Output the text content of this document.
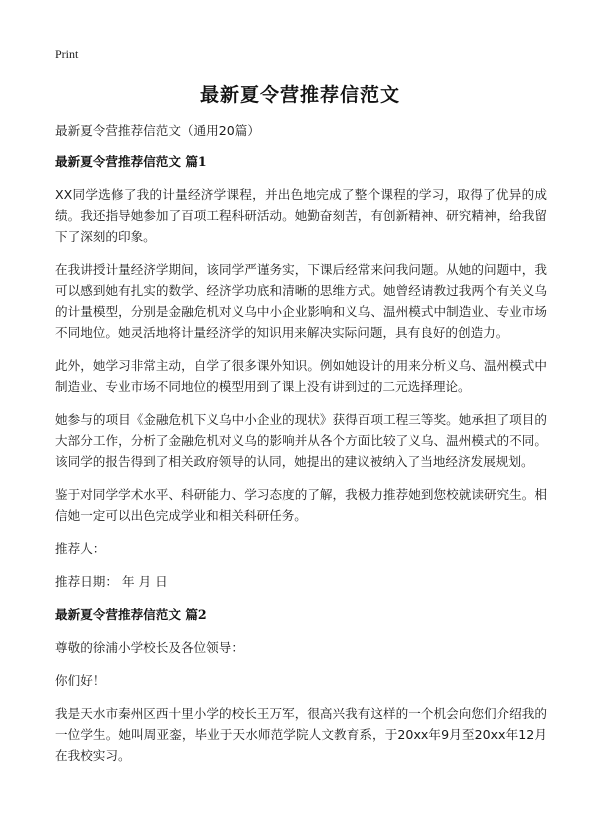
Print
最新夏令营推荐信范文

最新夏令营推荐信范文（通用20篇）

最新夏令营推荐信范文 篇1

XX同学选修了我的计量经济学课程，并出色地完成了整个课程的学习，取得了优异的成绩。我还指导她参加了百项工程科研活动。她勤奋刻苦，有创新精神、研究精神，给我留下了深刻的印象。

在我讲授计量经济学期间，该同学严谨务实，下课后经常来问我问题。从她的问题中，我可以感到她有扎实的数学、经济学功底和清晰的思维方式。她曾经请教过我两个有关义乌的计量模型，分别是金融危机对义乌中小企业影响和义乌、温州模式中制造业、专业市场不同地位。她灵活地将计量经济学的知识用来解决实际问题，具有良好的创造力。

此外，她学习非常主动，自学了很多课外知识。例如她设计的用来分析义乌、温州模式中制造业、专业市场不同地位的模型用到了课上没有讲到过的二元选择理论。

她参与的项目《金融危机下义乌中小企业的现状》获得百项工程三等奖。她承担了项目的大部分工作，分析了金融危机对义乌的影响并从各个方面比较了义乌、温州模式的不同。该同学的报告得到了相关政府领导的认同，她提出的建议被纳入了当地经济发展规划。

鉴于对同学学术水平、科研能力、学习态度的了解，我极力推荐她到您校就读研究生。相信她一定可以出色完成学业和相关科研任务。

推荐人：

推荐日期： 年 月 日

最新夏令营推荐信范文 篇2

尊敬的徐浦小学校长及各位领导：

你们好！

我是天水市秦州区西十里小学的校长王万军，很高兴我有这样的一个机会向您们介绍我的一位学生。她叫周亚銮，毕业于天水师范学院人文教育系，于20xx年9月至20xx年12月在我校实习。
